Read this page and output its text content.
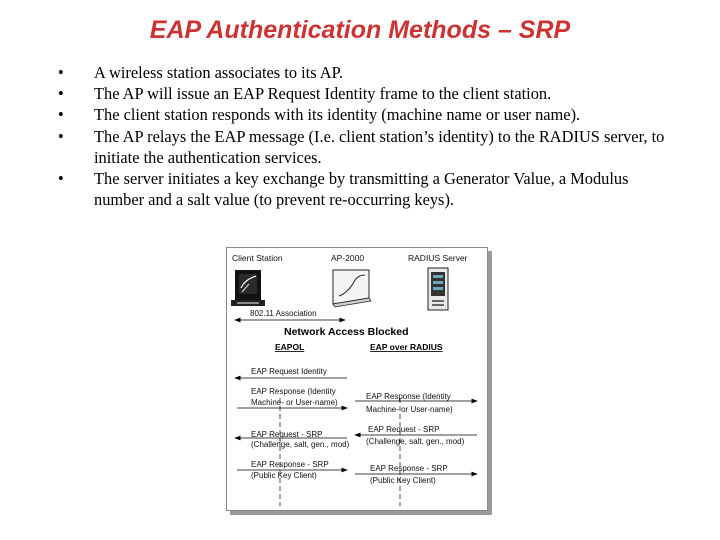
EAP Authentication Methods – SRP
• A wireless station associates to its AP.
• The AP will issue an EAP Request Identity frame to the client station.
• The client station responds with its identity (machine name or user name).
• The AP relays the EAP message (I.e. client station’s identity) to the RADIUS server, to initiate the authentication services.
• The server initiates a key exchange by transmitting a Generator Value, a Modulus number and a salt value (to prevent re-occurring keys).
Client Station	AP-2000	RADIUS Server
802.11 Association
Network Access Blocked
EAPOL	EAP over RADIUS
EAP Request Identity
EAP Response (Identity
Machine- or User-name)
EAP Response (Identity
Machine- or User-name)
EAP Request - SRP
(Challenge, salt, gen., mod)
EAP Request - SRP
(Challenge, salt, gen., mod)
EAP Response - SRP
(Public Key Client)
EAP Response - SRP
(Public Key Client)
